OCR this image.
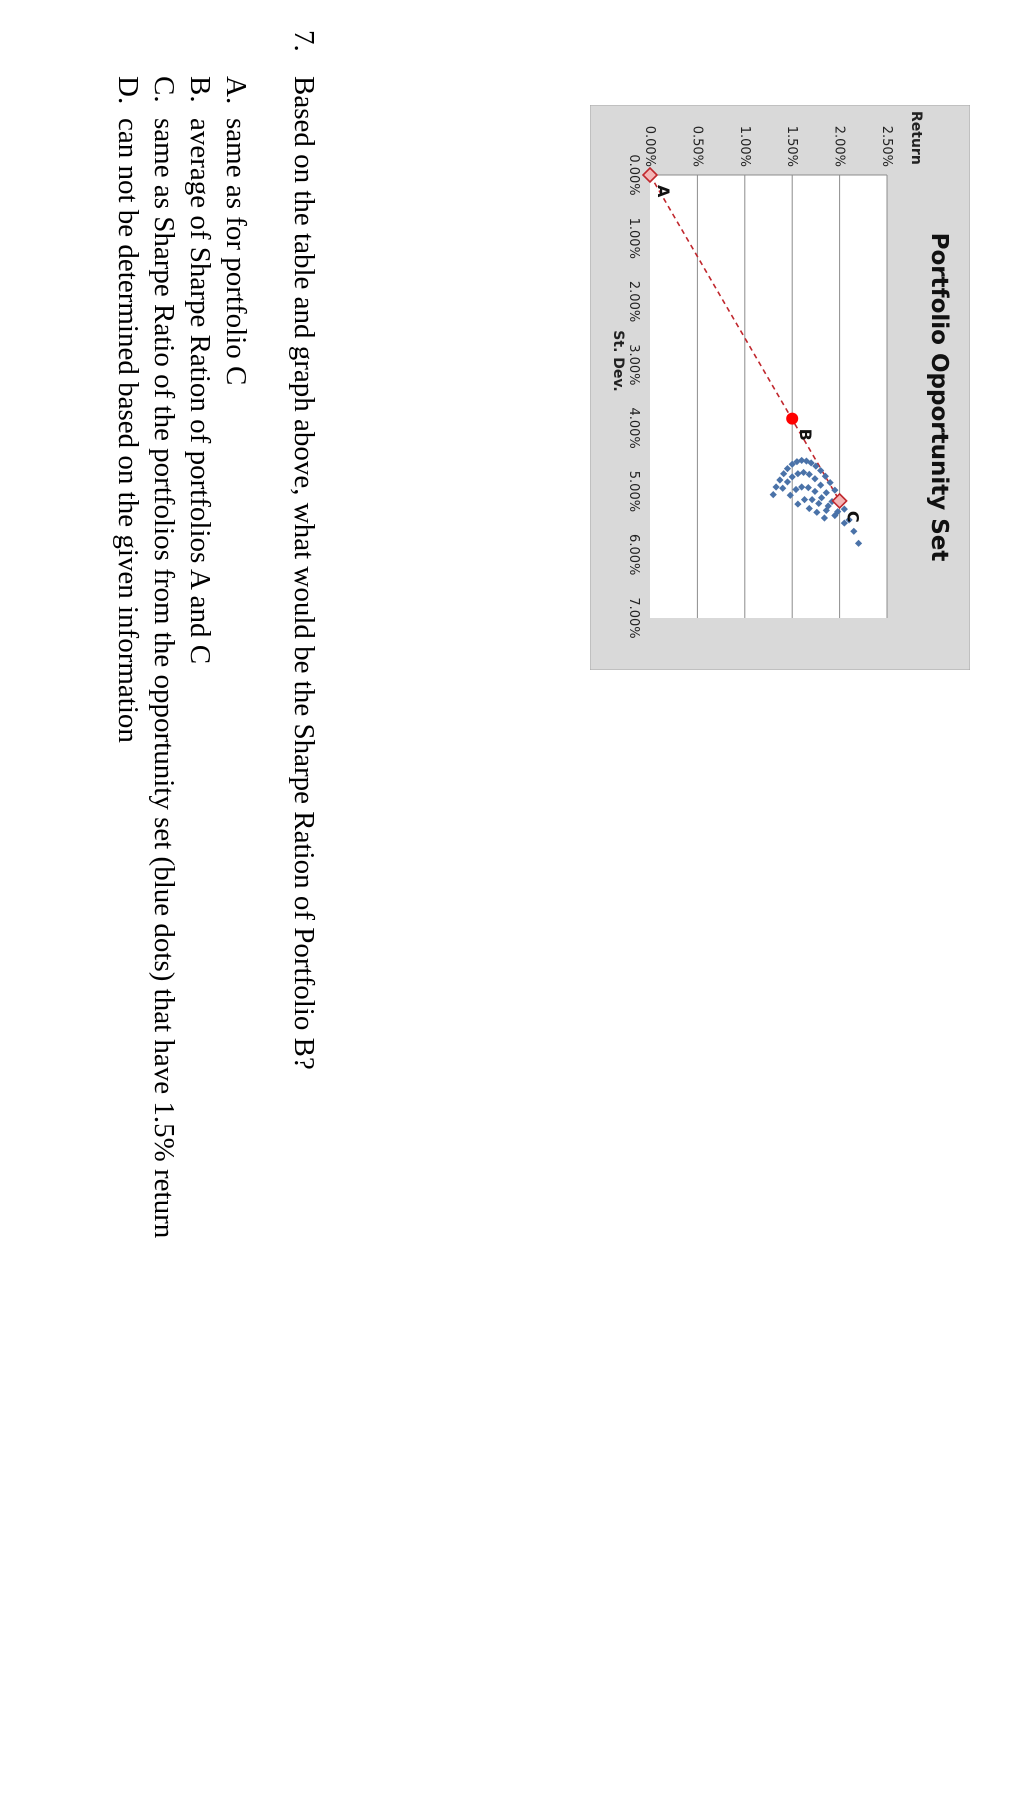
Portfolio Opportunity Set
Return
St. Dev.
0.00% 0.50% 1.00% 1.50% 2.00% 2.50%
0.00%
1.00%
2.00%
3.00%
4.00%
5.00%
6.00%
7.00%
A
B
C
7.
Based on the table and graph above, what would be the Sharpe Ration of Portfolio B?
A.
same as for portfolio C
B.
average of Sharpe Ration of portfolios A and C
C.
same as Sharpe Ratio of the portfolios from the opportunity set (blue dots) that have 1.5% return
D.
can not be determined based on the given information
